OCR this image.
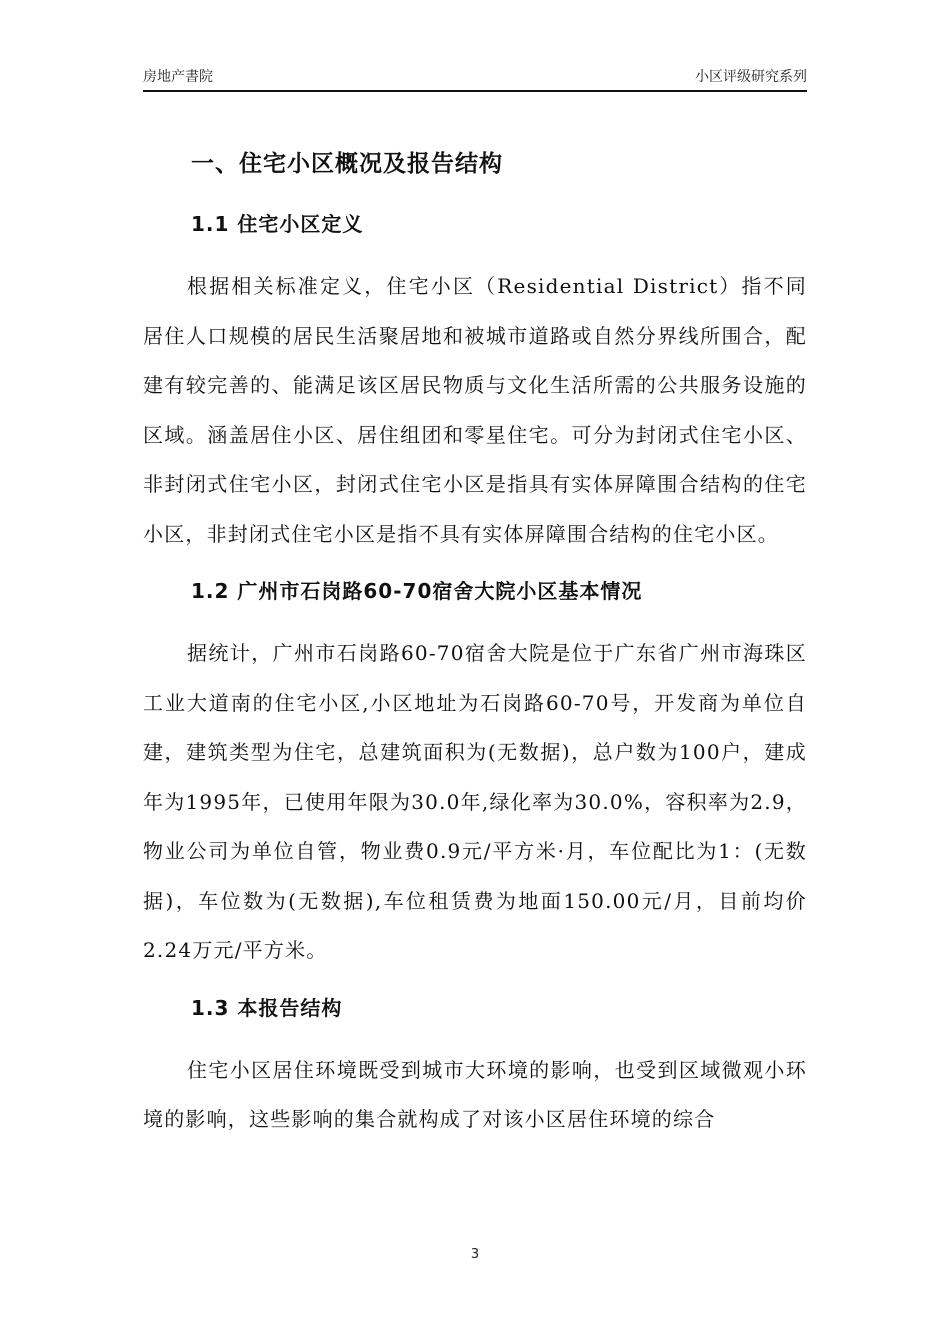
房地产書院	小区评级研究系列
一、住宅小区概况及报告结构
1.1 住宅小区定义

根据相关标准定义，住宅小区（Residential District）指不同居住人口规模的居民生活聚居地和被城市道路或自然分界线所围合，配建有较完善的、能满足该区居民物质与文化生活所需的公共服务设施的区域。涵盖居住小区、居住组团和零星住宅。可分为封闭式住宅小区、非封闭式住宅小区，封闭式住宅小区是指具有实体屏障围合结构的住宅小区，非封闭式住宅小区是指不具有实体屏障围合结构的住宅小区。

1.2 广州市石岗路60-70宿舍大院小区基本情况

据统计，广州市石岗路60-70宿舍大院是位于广东省广州市海珠区工业大道南的住宅小区,小区地址为石岗路60-70号，开发商为单位自建，建筑类型为住宅，总建筑面积为(无数据)，总户数为100户，建成年为1995年，已使用年限为30.0年,绿化率为30.0%，容积率为2.9，物业公司为单位自管，物业费0.9元/平方米·月，车位配比为1：(无数据)，车位数为(无数据),车位租赁费为地面150.00元/月，目前均价2.24万元/平方米。

1.3 本报告结构

住宅小区居住环境既受到城市大环境的影响，也受到区域微观小环境的影响，这些影响的集合就构成了对该小区居住环境的综合

3
